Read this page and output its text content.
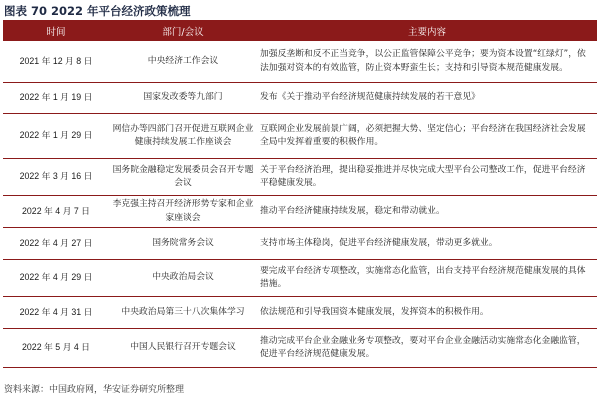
图表 70 2022 年平台经济政策梳理
时间	部门/会议	主要内容
2021 年 12 月 8 日	中央经济工作会议	加强反垄断和反不正当竞争，以公正监管保障公平竞争；要为资本设置“红绿灯”，依法加强对资本的有效监管，防止资本野蛮生长；支持和引导资本规范健康发展。
2022 年 1 月 19 日	国家发改委等九部门	发布《关于推动平台经济规范健康持续发展的若干意见》
2022 年 1 月 29 日	网信办等四部门召开促进互联网企业健康持续发展工作座谈会	互联网企业发展前景广阔，必须把握大势、坚定信心；平台经济在我国经济社会发展全局中发挥着重要的积极作用。
2022 年 3 月 16 日	国务院金融稳定发展委员会召开专题会议	关于平台经济治理，提出稳妥推进并尽快完成大型平台公司整改工作，促进平台经济平稳健康发展。
2022 年 4 月 7 日	李克强主持召开经济形势专家和企业家座谈会	推动平台经济健康持续发展，稳定和带动就业。
2022 年 4 月 27 日	国务院常务会议	支持市场主体稳岗，促进平台经济健康发展，带动更多就业。
2022 年 4 月 29 日	中央政治局会议	要完成平台经济专项整改，实施常态化监管，出台支持平台经济规范健康发展的具体措施。
2022 年 4 月 31 日	中央政治局第三十八次集体学习	依法规范和引导我国资本健康发展，发挥资本的积极作用。
2022 年 5 月 4 日	中国人民银行召开专题会议	推动完成平台企业金融业务专项整改，要对平台企业金融活动实施常态化金融监管，促进平台经济规范健康发展。
资料来源：中国政府网，华安证券研究所整理
